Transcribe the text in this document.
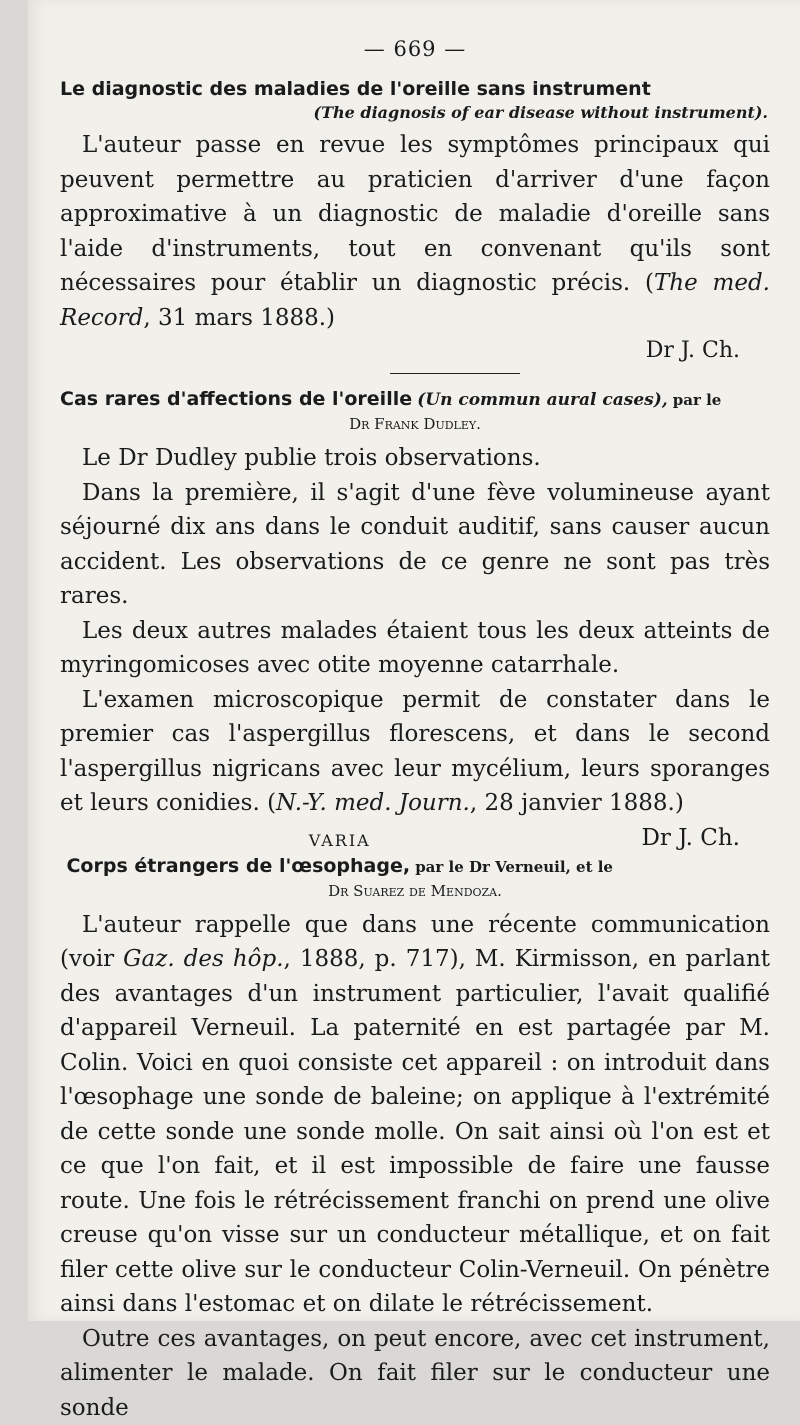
— 669 —
Le diagnostic des maladies de l'oreille sans instrument
(The diagnosis of ear disease without instrument).

L'auteur passe en revue les symptômes principaux qui peuvent permettre au praticien d'arriver d'une façon approximative à un diagnostic de maladie d'oreille sans l'aide d'instruments, tout en convenant qu'ils sont nécessaires pour établir un diagnostic précis. (The med. Record, 31 mars 1888.)

Dr J. Ch.
Cas rares d'affections de l'oreille (Un commun aural cases), par le
Dr Frank Dudley.

Le Dr Dudley publie trois observations.

Dans la première, il s'agit d'une fève volumineuse ayant séjourné dix ans dans le conduit auditif, sans causer aucun accident. Les observations de ce genre ne sont pas très rares.

Les deux autres malades étaient tous les deux atteints de myringomicoses avec otite moyenne catarrhale.

L'examen microscopique permit de constater dans le premier cas l'aspergillus florescens, et dans le second l'aspergillus nigricans avec leur mycélium, leurs sporanges et leurs conidies. (N.-Y. med. Journ., 28 janvier 1888.)
Dr J. Ch.

VARIA
Corps étrangers de l'œsophage, par le Dr Verneuil, et le
Dr Suarez de Mendoza.

L'auteur rappelle que dans une récente communication (voir Gaz. des hôp., 1888, p. 717), M. Kirmisson, en parlant des avantages d'un instrument particulier, l'avait qualifié d'appareil Verneuil. La paternité en est partagée par M. Colin. Voici en quoi consiste cet appareil : on introduit dans l'œsophage une sonde de baleine; on applique à l'extrémité de cette sonde une sonde molle. On sait ainsi où l'on est et ce que l'on fait, et il est impossible de faire une fausse route. Une fois le rétrécissement franchi on prend une olive creuse qu'on visse sur un conducteur métallique, et on fait filer cette olive sur le conducteur Colin-Verneuil. On pénètre ainsi dans l'estomac et on dilate le rétrécissement.

Outre ces avantages, on peut encore, avec cet instrument, alimenter le malade. On fait filer sur le conducteur une sonde
